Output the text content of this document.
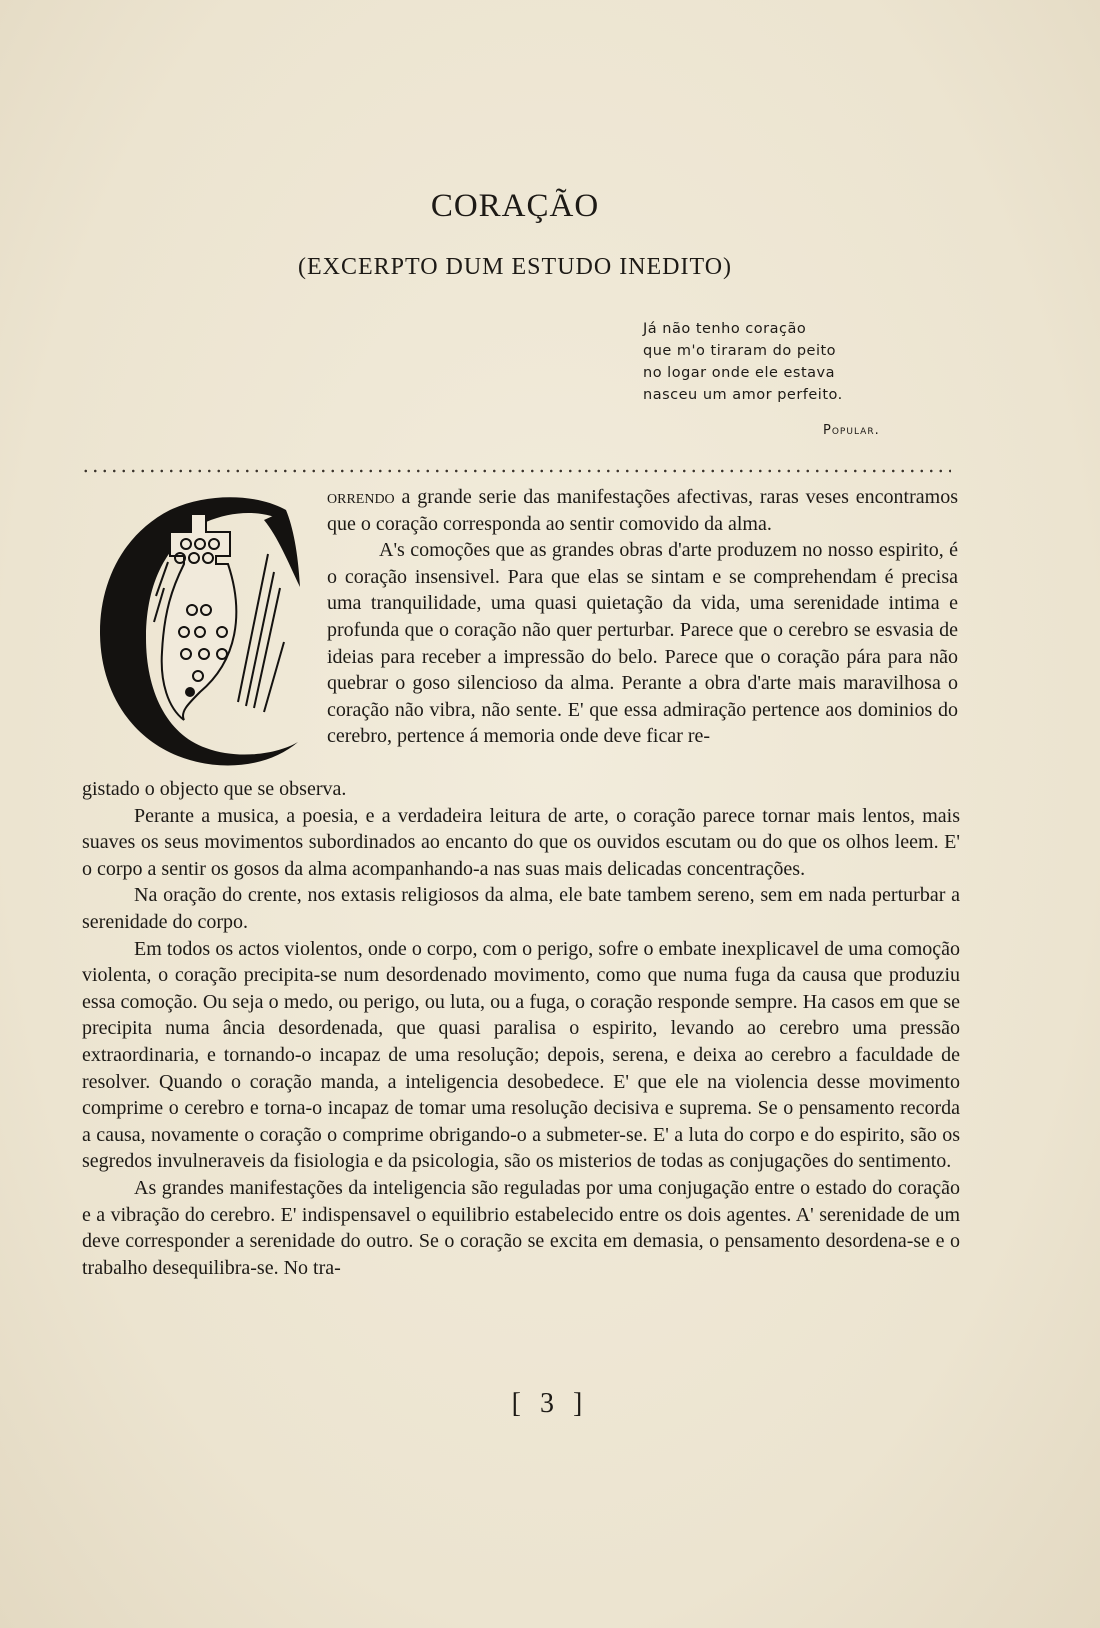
CORAÇÃO
(EXCERPTO DUM ESTUDO INEDITO)
Já não tenho coração
que m'o tiraram do peito
no logar onde ele estava
nasceu um amor perfeito.
Popular.

orrendo a grande serie das manifestações afectivas, raras veses encontramos que o coração corresponda ao sentir comovido da alma.

A's comoções que as grandes obras d'arte produzem no nosso espirito, é o coração insensivel. Para que elas se sintam e se comprehendam é precisa uma tranquilidade, uma quasi quietação da vida, uma serenidade intima e profunda que o coração não quer perturbar. Parece que o cerebro se esvasia de ideias para receber a impressão do belo. Parece que o coração pára para não quebrar o goso silencioso da alma. Perante a obra d'arte mais maravilhosa o coração não vibra, não sente. E' que essa admiração pertence aos dominios do cerebro, pertence á memoria onde deve ficar re-

gistado o objecto que se observa.

Perante a musica, a poesia, e a verdadeira leitura de arte, o coração parece tornar mais lentos, mais suaves os seus movimentos subordinados ao encanto do que os ouvidos escutam ou do que os olhos leem. E' o corpo a sentir os gosos da alma acompanhando-a nas suas mais delicadas concentrações.

Na oração do crente, nos extasis religiosos da alma, ele bate tambem sereno, sem em nada perturbar a serenidade do corpo.

Em todos os actos violentos, onde o corpo, com o perigo, sofre o embate inexplicavel de uma comoção violenta, o coração precipita-se num desordenado movimento, como que numa fuga da causa que produziu essa comoção. Ou seja o medo, ou perigo, ou luta, ou a fuga, o coração responde sempre. Ha casos em que se precipita numa ância desordenada, que quasi paralisa o espirito, levando ao cerebro uma pressão extraordinaria, e tornando-o incapaz de uma resolução; depois, serena, e deixa ao cerebro a faculdade de resolver. Quando o coração manda, a inteligencia desobedece. E' que ele na violencia desse movimento comprime o cerebro e torna-o incapaz de tomar uma resolução decisiva e suprema. Se o pensamento recorda a causa, novamente o coração o comprime obrigando-o a submeter-se. E' a luta do corpo e do espirito, são os segredos invulneraveis da fisiologia e da psicologia, são os misterios de todas as conjugações do sentimento.

As grandes manifestações da inteligencia são reguladas por uma conjugação entre o estado do coração e a vibração do cerebro. E' indispensavel o equilibrio estabelecido entre os dois agentes. A' serenidade de um deve corresponder a serenidade do outro. Se o coração se excita em demasia, o pensamento desordena-se e o trabalho desequilibra-se. No tra-

[ 3 ]
